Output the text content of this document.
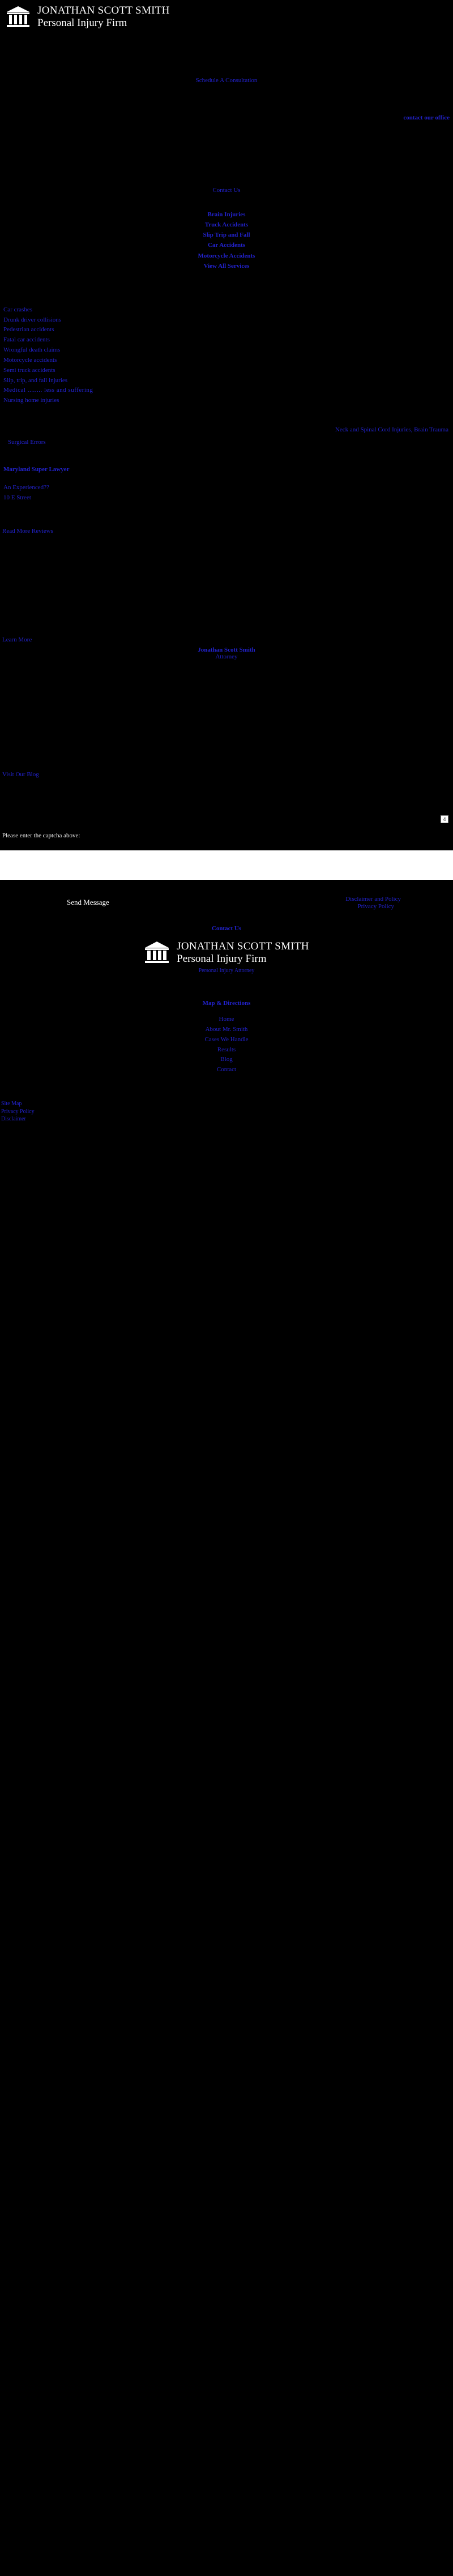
JONATHAN SCOTT SMITH
Personal Injury Firm
Schedule A Consultation
contact our office
Contact Us
Brain Injuries
Truck Accidents
Slip Trip and Fall
Car Accidents
Motorcycle Accidents
View All Services
Car crashes
Drunk driver collisions
Pedestrian accidents
Fatal car accidents
Wrongful death claims
Motorcycle accidents
Semi truck accidents
Slip, trip, and fall injuries
Medical ........ less and suffering
Nursing home injuries
Surgical Errors
Neck and Spinal Cord Injuries, Brain Trauma
Maryland Super Lawyer
An Experienced??
10 E Street
Read More Reviews
Learn More
Jonathan Scott Smith
Attorney
Visit Our Blog
4
Please enter the captcha above:
Send Message	Disclaimer and Policy
Privacy Policy
Contact Us
JONATHAN SCOTT SMITH
Personal Injury Firm
Personal Injury Attorney
Map & Directions
Home
About Mr. Smith
Cases We Handle
Results
Blog
Contact
Site Map
Privacy Policy
Disclaimer
